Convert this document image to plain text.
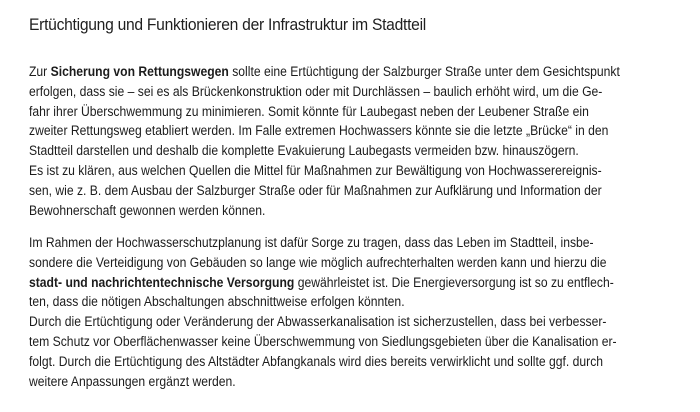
Ertüchtigung und Funktionieren der Infrastruktur im Stadtteil

Zur Sicherung von Rettungswegen sollte eine Ertüchtigung der Salzburger Straße unter dem Gesichtspunkt
erfolgen, dass sie – sei es als Brückenkonstruktion oder mit Durchlässen – baulich erhöht wird, um die Ge-
fahr ihrer Überschwemmung zu minimieren. Somit könnte für Laubegast neben der Leubener Straße ein
zweiter Rettungsweg etabliert werden. Im Falle extremen Hochwassers könnte sie die letzte „Brücke“ in den
Stadtteil darstellen und deshalb die komplette Evakuierung Laubegasts vermeiden bzw. hinauszögern.
Es ist zu klären, aus welchen Quellen die Mittel für Maßnahmen zur Bewältigung von Hochwasserereignis-
sen, wie z. B. dem Ausbau der Salzburger Straße oder für Maßnahmen zur Aufklärung und Information der
Bewohnerschaft gewonnen werden können.

Im Rahmen der Hochwasserschutzplanung ist dafür Sorge zu tragen, dass das Leben im Stadtteil, insbe-
sondere die Verteidigung von Gebäuden so lange wie möglich aufrechterhalten werden kann und hierzu die
stadt- und nachrichtentechnische Versorgung gewährleistet ist. Die Energieversorgung ist so zu entflech-
ten, dass die nötigen Abschaltungen abschnittweise erfolgen könnten.
Durch die Ertüchtigung oder Veränderung der Abwasserkanalisation ist sicherzustellen, dass bei verbesser-
tem Schutz vor Oberflächenwasser keine Überschwemmung von Siedlungsgebieten über die Kanalisation er-
folgt. Durch die Ertüchtigung des Altstädter Abfangkanals wird dies bereits verwirklicht und sollte ggf. durch
weitere Anpassungen ergänzt werden.
